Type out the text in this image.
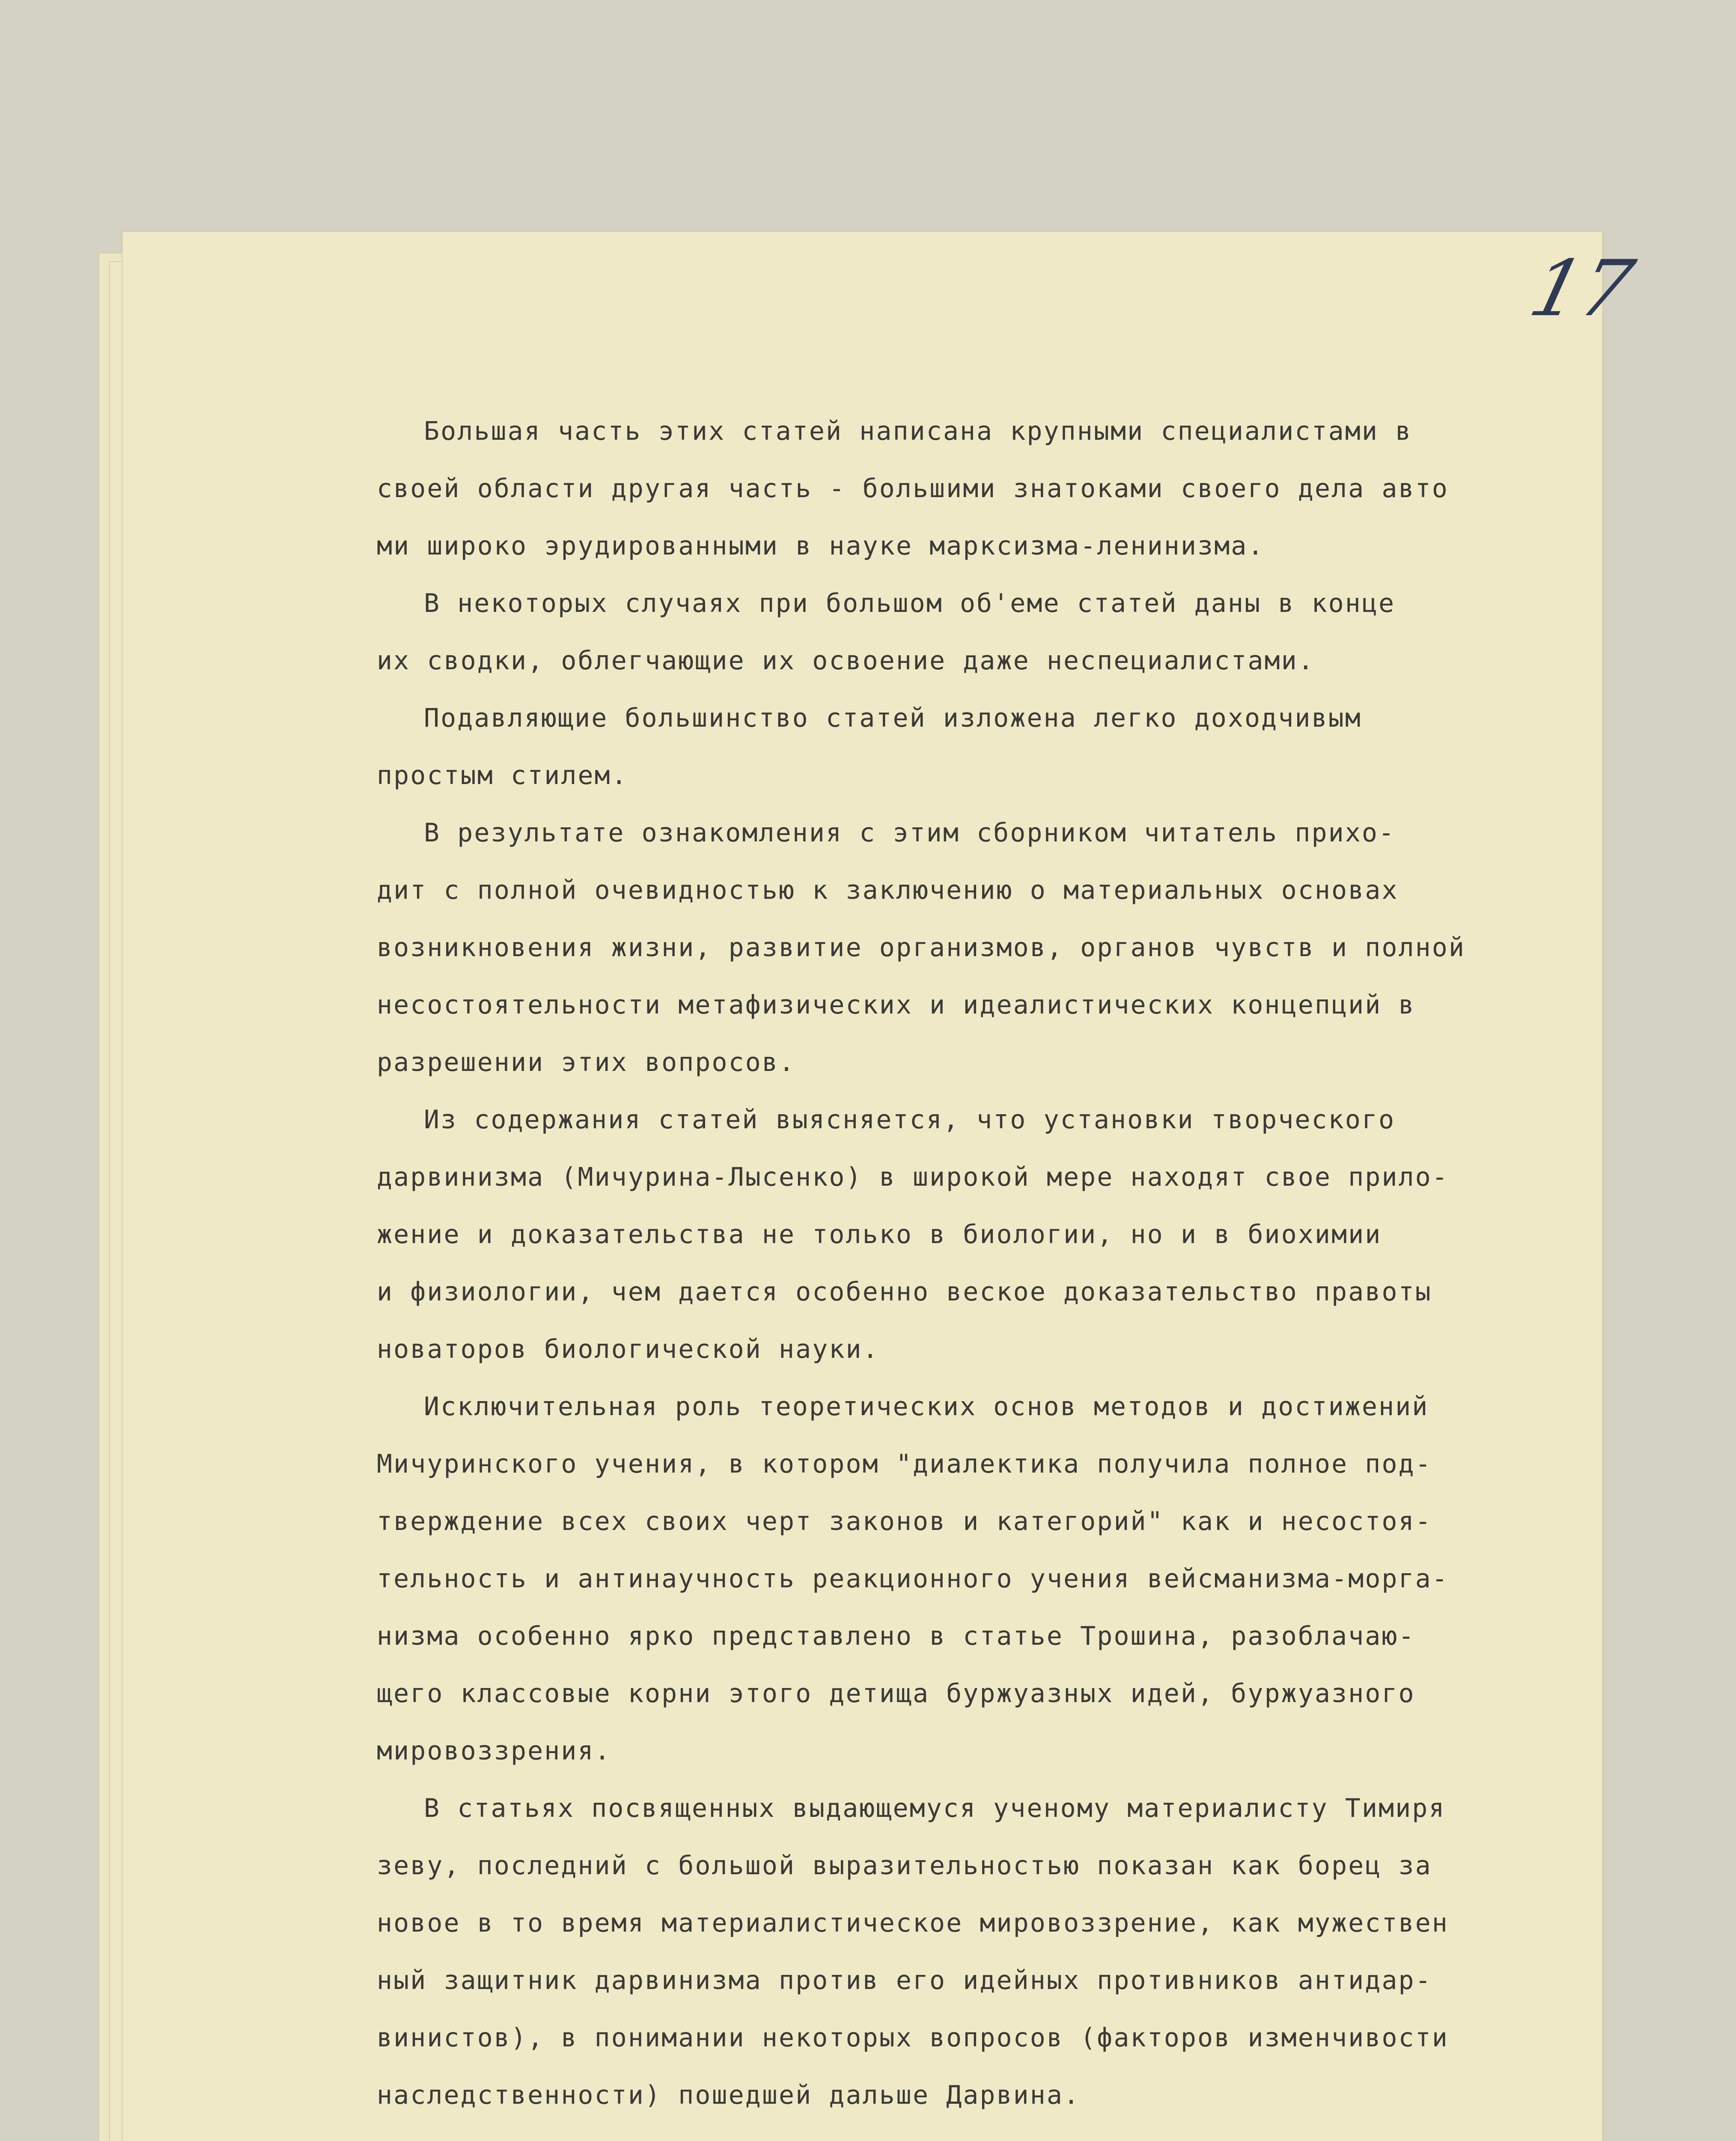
17
Большая часть этих статей написана крупными специалистами в
своей области другая часть - большими знатоками своего дела авто
ми широко эрудированными в науке марксизма-ленинизма.
В некоторых случаях при большом об'еме статей даны в конце
их сводки, облегчающие их освоение даже неспециалистами.
Подавляющие большинство статей изложена легко доходчивым
простым стилем.
В результате ознакомления с этим сборником читатель прихо-
дит с полной очевидностью к заключению о материальных основах
возникновения жизни, развитие организмов, органов чувств и полной
несостоятельности метафизических и идеалистических концепций в
разрешении этих вопросов.
Из содержания статей выясняется, что установки творческого
дарвинизма (Мичурина-Лысенко) в широкой мере находят свое прило-
жение и доказательства не только в биологии, но и в биохимии
и физиологии, чем дается особенно веское доказательство правоты
новаторов биологической науки.
Исключительная роль теоретических основ методов и достижений
Мичуринского учения, в котором "диалектика получила полное под-
тверждение всех своих черт законов и категорий" как и несостоя-
тельность и антинаучность реакционного учения вейсманизма-морга-
низма особенно ярко представлено в статье Трошина, разоблачаю-
щего классовые корни этого детища буржуазных идей, буржуазного
мировоззрения.
В статьях посвященных выдающемуся ученому материалисту Тимиря
зеву, последний с большой выразительностью показан как борец за
новое в то время материалистическое мировоззрение, как мужествен
ный защитник дарвинизма против его идейных противников антидар-
винистов), в понимании некоторых вопросов (факторов изменчивости
наследственности) пошедшей дальше Дарвина.
